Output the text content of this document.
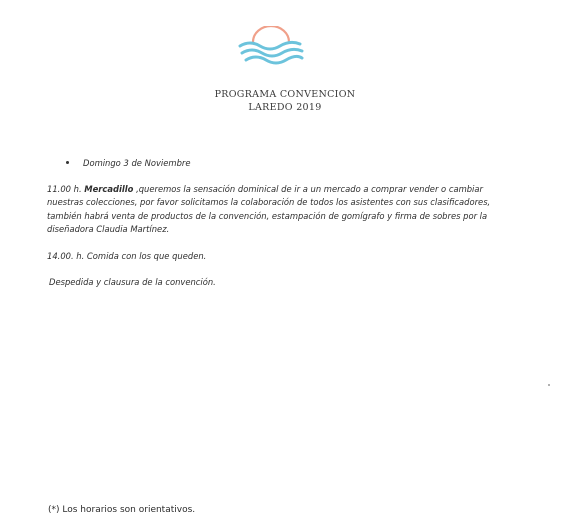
PROGRAMA CONVENCION
LAREDO 2019
Domingo 3 de Noviembre
11.00 h. Mercadillo ,queremos la sensación dominical de ir a un mercado a comprar vender o cambiar
nuestras colecciones, por favor solicitamos la colaboración de todos los asistentes con sus clasificadores,
también habrá venta de productos de la convención, estampación de gomígrafo y firma de sobres por la
diseñadora Claudia Martínez.
14.00. h. Comida con los que queden.
Despedida y clausura de la convención.
(*) Los horarios son orientativos.
